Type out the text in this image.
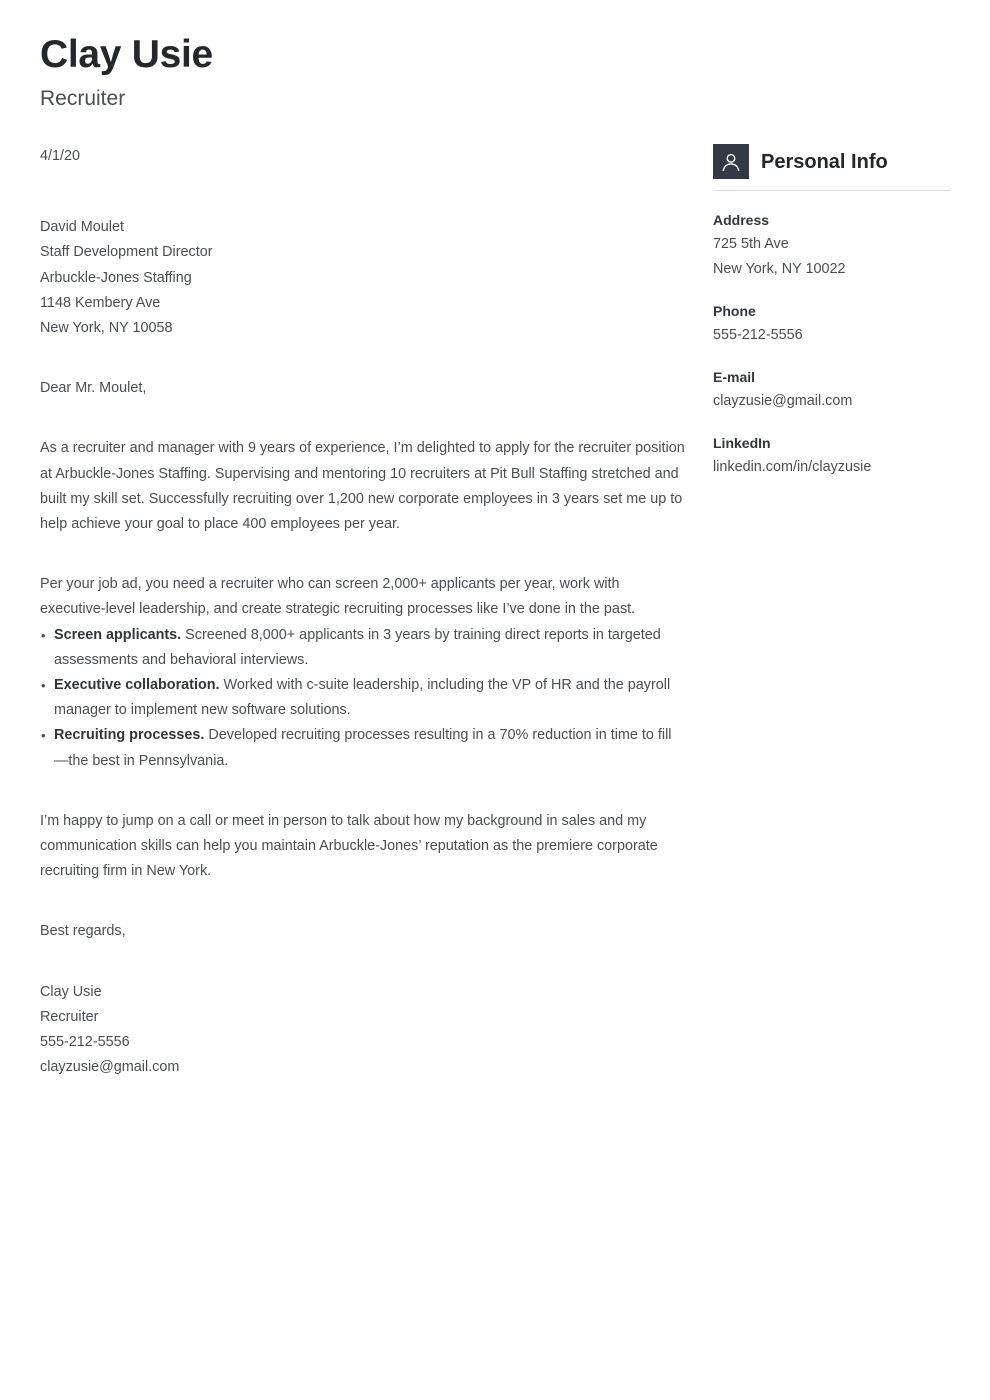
Clay Usie
Recruiter
4/1/20
David Moulet
Staff Development Director
Arbuckle-Jones Staffing
1148 Kembery Ave
New York, NY 10058
Dear Mr. Moulet,
As a recruiter and manager with 9 years of experience, I’m delighted to apply for the recruiter position at Arbuckle-Jones Staffing. Supervising and mentoring 10 recruiters at Pit Bull Staffing stretched and built my skill set. Successfully recruiting over 1,200 new corporate employees in 3 years set me up to help achieve your goal to place 400 employees per year.
Per your job ad, you need a recruiter who can screen 2,000+ applicants per year, work with executive-level leadership, and create strategic recruiting processes like I’ve done in the past.
• Screen applicants. Screened 8,000+ applicants in 3 years by training direct reports in targeted assessments and behavioral interviews.
• Executive collaboration. Worked with c-suite leadership, including the VP of HR and the payroll manager to implement new software solutions.
• Recruiting processes. Developed recruiting processes resulting in a 70% reduction in time to fill—the best in Pennsylvania.
I’m happy to jump on a call or meet in person to talk about how my background in sales and my communication skills can help you maintain Arbuckle-Jones’ reputation as the premiere corporate recruiting firm in New York.
Best regards,
Clay Usie
Recruiter
555-212-5556
clayzusie@gmail.com
Personal Info
Address
725 5th Ave
New York, NY 10022
Phone
555-212-5556
E-mail
clayzusie@gmail.com
LinkedIn
linkedin.com/in/clayzusie
